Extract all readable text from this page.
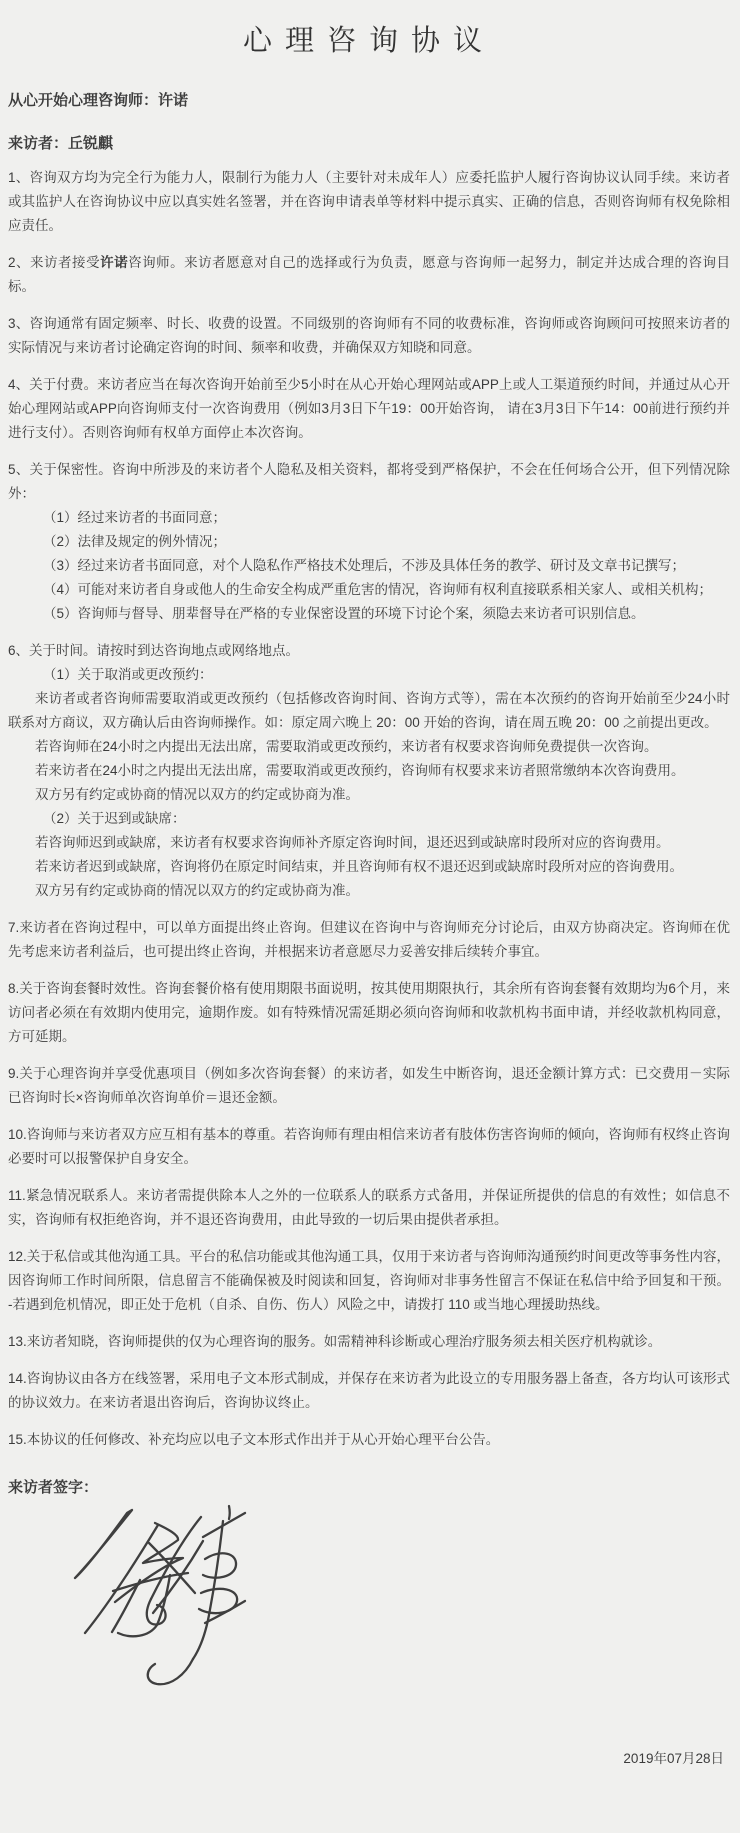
心理咨询协议

从心开始心理咨询师：许诺

来访者：丘锐麒

1、咨询双方均为完全行为能力人，限制行为能力人（主要针对未成年人）应委托监护人履行咨询协议认同手续。来访者或其监护人在咨询协议中应以真实姓名签署，并在咨询申请表单等材料中提示真实、正确的信息，否则咨询师有权免除相应责任。

2、来访者接受许诺咨询师。来访者愿意对自己的选择或行为负责，愿意与咨询师一起努力，制定并达成合理的咨询目标。

3、咨询通常有固定频率、时长、收费的设置。不同级别的咨询师有不同的收费标准，咨询师或咨询顾问可按照来访者的实际情况与来访者讨论确定咨询的时间、频率和收费，并确保双方知晓和同意。

4、关于付费。来访者应当在每次咨询开始前至少5小时在从心开始心理网站或APP上或人工渠道预约时间，并通过从心开始心理网站或APP向咨询师支付一次咨询费用（例如3月3日下午19：00开始咨询， 请在3月3日下午14：00前进行预约并进行支付）。否则咨询师有权单方面停止本次咨询。

5、关于保密性。咨询中所涉及的来访者个人隐私及相关资料，都将受到严格保护，不会在任何场合公开，但下列情况除外：

（1）经过来访者的书面同意；

（2）法律及规定的例外情况；

（3）经过来访者书面同意，对个人隐私作严格技术处理后，不涉及具体任务的教学、研讨及文章书记撰写；

（4）可能对来访者自身或他人的生命安全构成严重危害的情况，咨询师有权利直接联系相关家人、或相关机构；

（5）咨询师与督导、朋辈督导在严格的专业保密设置的环境下讨论个案，须隐去来访者可识别信息。

6、关于时间。请按时到达咨询地点或网络地点。

（1）关于取消或更改预约：

来访者或者咨询师需要取消或更改预约（包括修改咨询时间、咨询方式等），需在本次预约的咨询开始前至少24小时联系对方商议，双方确认后由咨询师操作。如：原定周六晚上 20：00 开始的咨询，请在周五晚 20：00 之前提出更改。

若咨询师在24小时之内提出无法出席，需要取消或更改预约，来访者有权要求咨询师免费提供一次咨询。

若来访者在24小时之内提出无法出席，需要取消或更改预约，咨询师有权要求来访者照常缴纳本次咨询费用。

双方另有约定或协商的情况以双方的约定或协商为准。

（2）关于迟到或缺席：

若咨询师迟到或缺席，来访者有权要求咨询师补齐原定咨询时间，退还迟到或缺席时段所对应的咨询费用。

若来访者迟到或缺席，咨询将仍在原定时间结束，并且咨询师有权不退还迟到或缺席时段所对应的咨询费用。

双方另有约定或协商的情况以双方的约定或协商为准。

7.来访者在咨询过程中，可以单方面提出终止咨询。但建议在咨询中与咨询师充分讨论后，由双方协商决定。咨询师在优先考虑来访者利益后，也可提出终止咨询，并根据来访者意愿尽力妥善安排后续转介事宜。

8.关于咨询套餐时效性。咨询套餐价格有使用期限书面说明，按其使用期限执行，其余所有咨询套餐有效期均为6个月，来访问者必须在有效期内使用完，逾期作废。如有特殊情况需延期必须向咨询师和收款机构书面申请，并经收款机构同意，方可延期。

9.关于心理咨询并享受优惠项目（例如多次咨询套餐）的来访者，如发生中断咨询，退还金额计算方式：已交费用－实际已咨询时长×咨询师单次咨询单价＝退还金额。

10.咨询师与来访者双方应互相有基本的尊重。若咨询师有理由相信来访者有肢体伤害咨询师的倾向，咨询师有权终止咨询必要时可以报警保护自身安全。

11.紧急情况联系人。来访者需提供除本人之外的一位联系人的联系方式备用，并保证所提供的信息的有效性；如信息不实，咨询师有权拒绝咨询，并不退还咨询费用，由此导致的一切后果由提供者承担。

12.关于私信或其他沟通工具。平台的私信功能或其他沟通工具，仅用于来访者与咨询师沟通预约时间更改等事务性内容，因咨询师工作时间所限，信息留言不能确保被及时阅读和回复，咨询师对非事务性留言不保证在私信中给予回复和干预。 -若遇到危机情况，即正处于危机（自杀、自伤、伤人）风险之中，请拨打 110 或当地心理援助热线。

13.来访者知晓，咨询师提供的仅为心理咨询的服务。如需精神科诊断或心理治疗服务须去相关医疗机构就诊。

14.咨询协议由各方在线签署，采用电子文本形式制成，并保存在来访者为此设立的专用服务器上备查，各方均认可该形式的协议效力。在来访者退出咨询后，咨询协议终止。

15.本协议的任何修改、补充均应以电子文本形式作出并于从心开始心理平台公告。

来访者签字：

2019年07月28日
